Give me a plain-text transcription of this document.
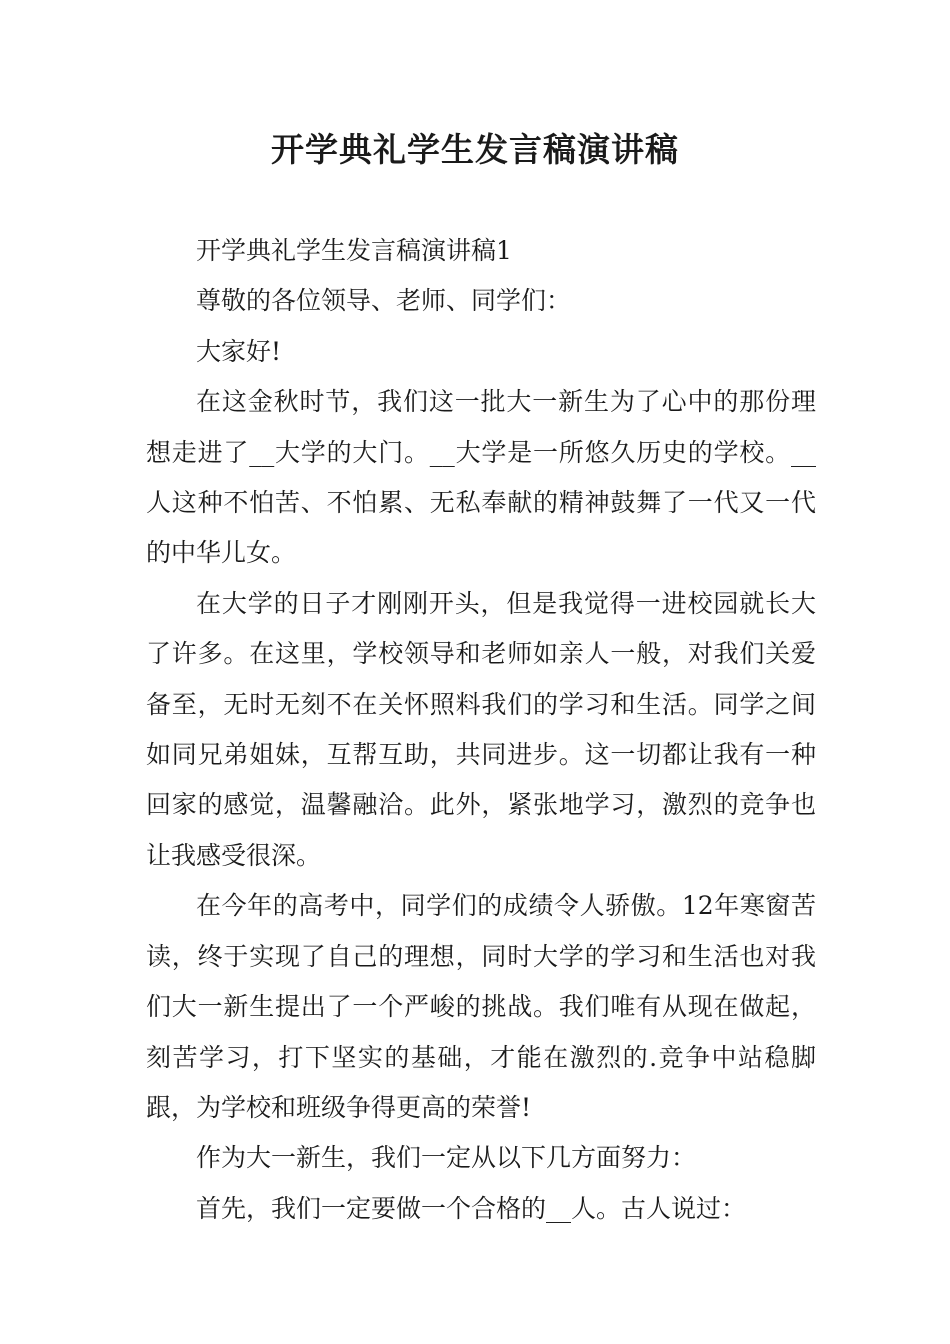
开学典礼学生发言稿演讲稿

开学典礼学生发言稿演讲稿1

尊敬的各位领导、老师、同学们：

大家好!

在这金秋时节，我们这一批大一新生为了心中的那份理想走进了__大学的大门。__大学是一所悠久历史的学校。__人这种不怕苦、不怕累、无私奉献的精神鼓舞了一代又一代的中华儿女。

在大学的日子才刚刚开头，但是我觉得一进校园就长大了许多。在这里，学校领导和老师如亲人一般，对我们关爱备至，无时无刻不在关怀照料我们的学习和生活。同学之间如同兄弟姐妹，互帮互助，共同进步。这一切都让我有一种回家的感觉，温馨融洽。此外，紧张地学习，激烈的竞争也让我感受很深。

在今年的高考中，同学们的成绩令人骄傲。12年寒窗苦读，终于实现了自己的理想，同时大学的学习和生活也对我们大一新生提出了一个严峻的挑战。我们唯有从现在做起，刻苦学习，打下坚实的基础，才能在激烈的.竞争中站稳脚跟，为学校和班级争得更高的荣誉!

作为大一新生，我们一定从以下几方面努力：

首先，我们一定要做一个合格的__人。古人说过：
